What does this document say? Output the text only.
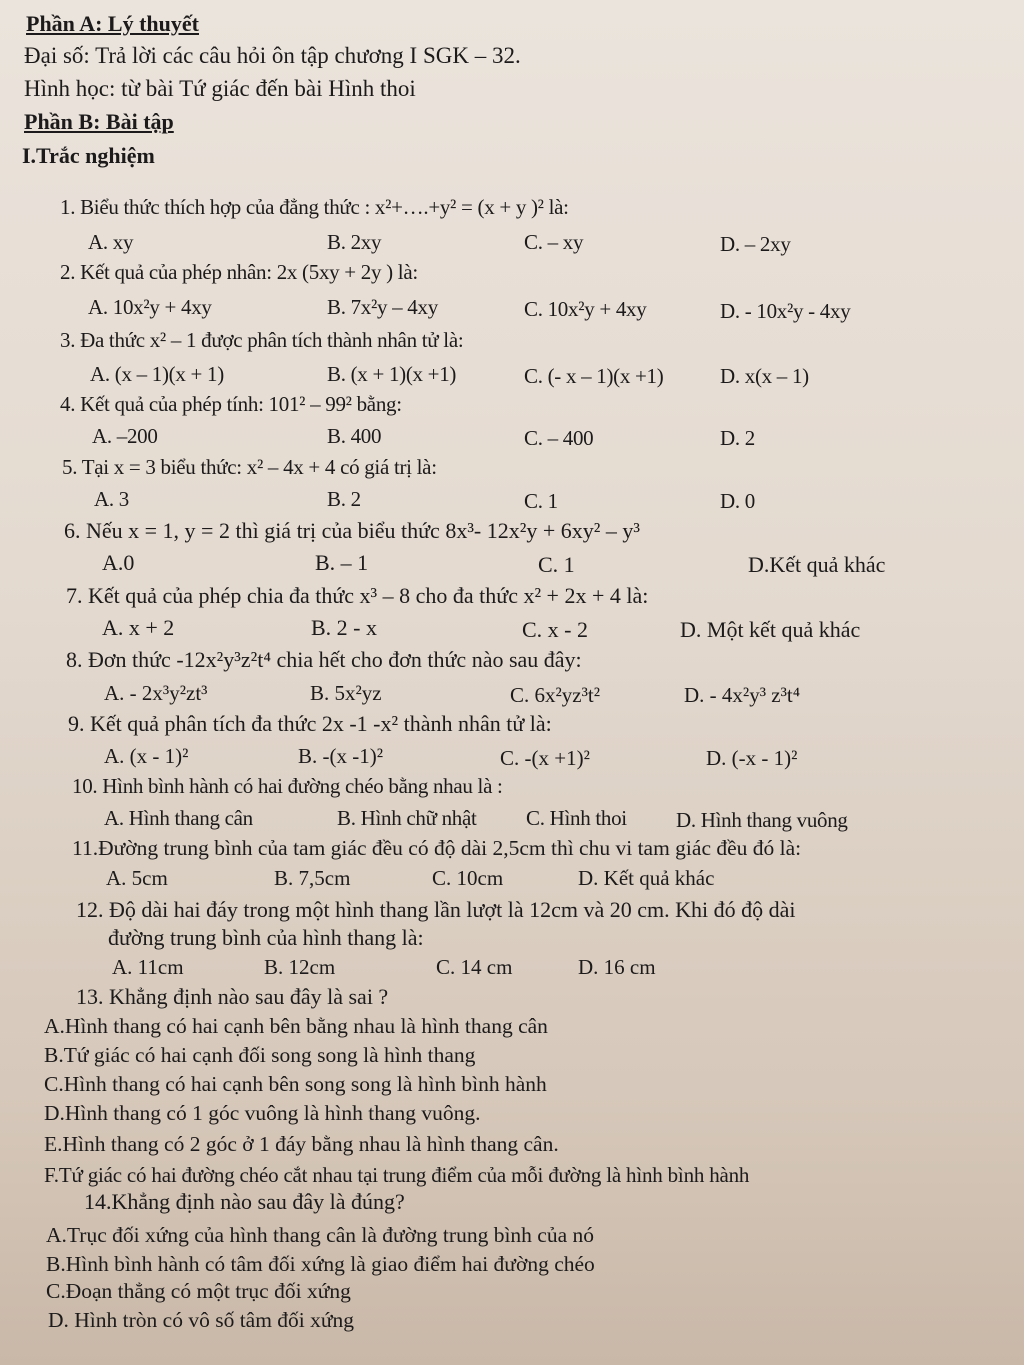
Phần A: Lý thuyết
Đại số: Trả lời các câu hỏi ôn tập chương I SGK – 32.
Hình học: từ bài Tứ giác đến bài Hình thoi
Phần B: Bài tập
I.Trắc nghiệm
1. Biểu thức thích hợp của đẳng thức : x²+….+y² = (x + y )² là:
A. xy	B. 2xy	C. – xy	D. – 2xy
2. Kết quả của phép nhân: 2x (5xy + 2y ) là:
A. 10x²y + 4xy	B. 7x²y – 4xy	C. 10x²y + 4xy	D. - 10x²y - 4xy
3. Đa thức x² – 1 được phân tích thành nhân tử là:
A. (x – 1)(x + 1)	B. (x + 1)(x +1)	C. (- x – 1)(x +1)	D. x(x – 1)
4. Kết quả của phép tính: 101² – 99² bằng:
A. –200	B. 400	C. – 400	D. 2
5. Tại x = 3 biểu thức: x² – 4x + 4 có giá trị là:
A. 3	B. 2	C. 1	D. 0
6. Nếu x = 1, y = 2 thì giá trị của biểu thức 8x³- 12x²y + 6xy² – y³
A.0	B. – 1	C. 1	D.Kết quả khác
7. Kết quả của phép chia đa thức x³ – 8 cho đa thức x² + 2x + 4 là:
A. x + 2	B. 2 - x	C. x - 2	D. Một kết quả khác
8. Đơn thức -12x²y³z²t⁴ chia hết cho đơn thức nào sau đây:
A. - 2x³y²zt³	B. 5x²yz	C. 6x²yz³t²	D. - 4x²y³ z³t⁴
9. Kết quả phân tích đa thức 2x -1 -x² thành nhân tử là:
A. (x - 1)²	B. -(x -1)²	C. -(x +1)²	D. (-x - 1)²
10. Hình bình hành có hai đường chéo bằng nhau là :
A. Hình thang cân	B. Hình chữ nhật C. Hình thoi D. Hình thang vuông
11.Đường trung bình của tam giác đều có độ dài 2,5cm thì chu vi tam giác đều đó là:
A. 5cm	B. 7,5cm	C. 10cm	D. Kết quả khác
12. Độ dài hai đáy trong một hình thang lần lượt là 12cm và 20 cm. Khi đó độ dài
đường trung bình của hình thang là:
A. 11cm	B. 12cm	C. 14 cm	D. 16 cm
13. Khẳng định nào sau đây là sai ?
A.Hình thang có hai cạnh bên bằng nhau là hình thang cân
B.Tứ giác có hai cạnh đối song song là hình thang
C.Hình thang có hai cạnh bên song song là hình bình hành
D.Hình thang có 1 góc vuông là hình thang vuông.
E.Hình thang có 2 góc ở 1 đáy bằng nhau là hình thang cân.
F.Tứ giác có hai đường chéo cắt nhau tại trung điểm của mỗi đường là hình bình hành
14.Khẳng định nào sau đây là đúng?
A.Trục đối xứng của hình thang cân là đường trung bình của nó
B.Hình bình hành có tâm đối xứng là giao điểm hai đường chéo
C.Đoạn thẳng có một trục đối xứng
D. Hình tròn có vô số tâm đối xứng
